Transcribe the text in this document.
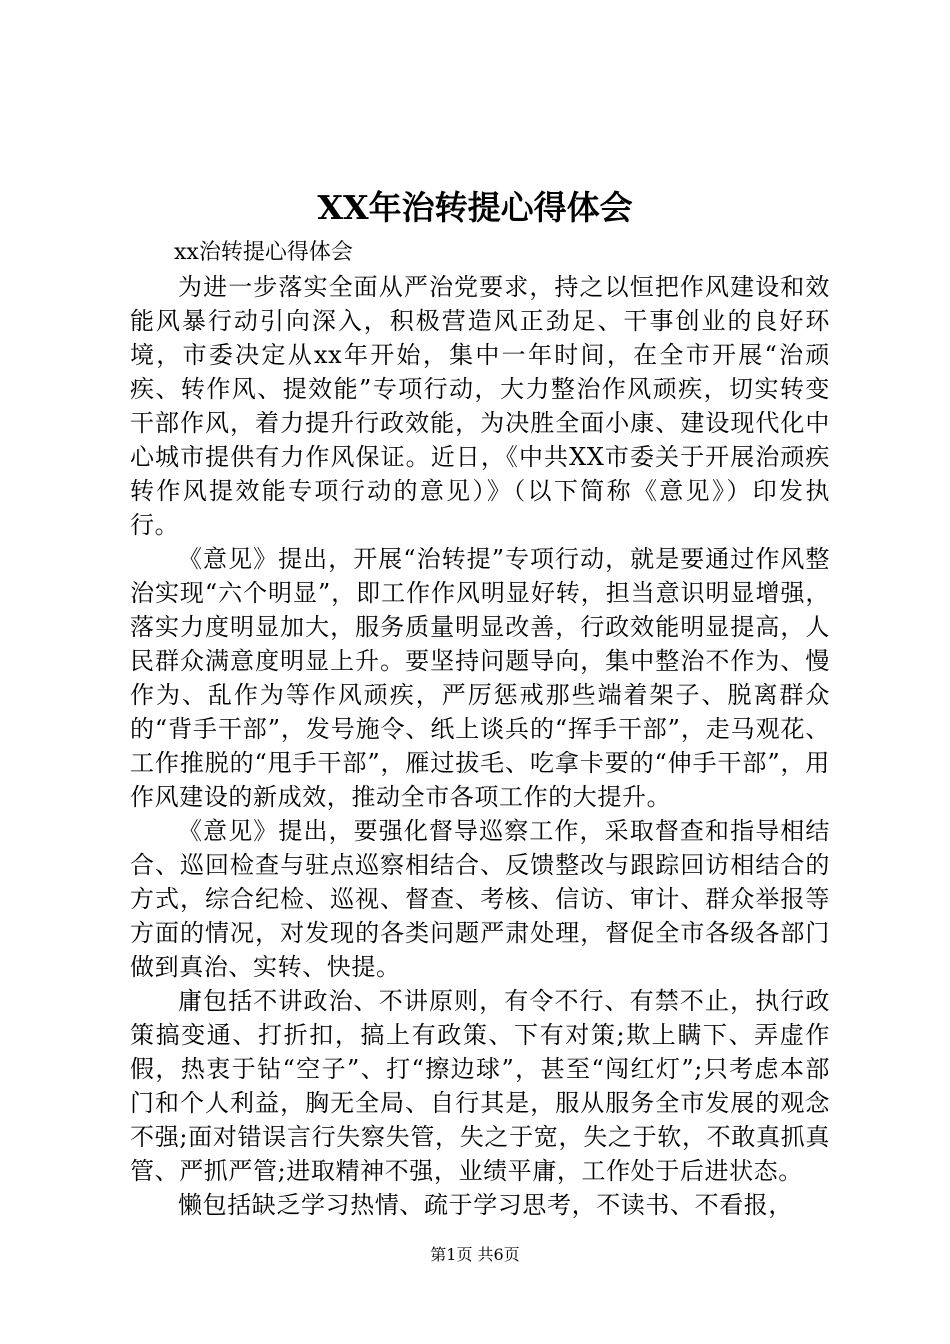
XX年治转提心得体会

xx治转提心得体会

为进一步落实全面从严治党要求，持之以恒把作风建设和效能风暴行动引向深入，积极营造风正劲足、干事创业的良好环境，市委决定从xx年开始，集中一年时间，在全市开展“治顽疾、转作风、提效能”专项行动，大力整治作风顽疾，切实转变干部作风，着力提升行政效能，为决胜全面小康、建设现代化中心城市提供有力作风保证。近日，《中共XX市委关于开展治顽疾转作风提效能专项行动的意见）》（以下简称《意见》）印发执行。

《意见》提出，开展“治转提”专项行动，就是要通过作风整治实现“六个明显”，即工作作风明显好转，担当意识明显增强，落实力度明显加大，服务质量明显改善，行政效能明显提高，人民群众满意度明显上升。要坚持问题导向，集中整治不作为、慢作为、乱作为等作风顽疾，严厉惩戒那些端着架子、脱离群众的“背手干部”，发号施令、纸上谈兵的“挥手干部”，走马观花、工作推脱的“甩手干部”，雁过拔毛、吃拿卡要的“伸手干部”，用作风建设的新成效，推动全市各项工作的大提升。

《意见》提出，要强化督导巡察工作，采取督查和指导相结合、巡回检查与驻点巡察相结合、反馈整改与跟踪回访相结合的方式，综合纪检、巡视、督查、考核、信访、审计、群众举报等方面的情况，对发现的各类问题严肃处理，督促全市各级各部门做到真治、实转、快提。

庸包括不讲政治、不讲原则，有令不行、有禁不止，执行政策搞变通、打折扣，搞上有政策、下有对策;欺上瞒下、弄虚作假，热衷于钻“空子”、打“擦边球”，甚至“闯红灯”;只考虑本部门和个人利益，胸无全局、自行其是，服从服务全市发展的观念不强;面对错误言行失察失管，失之于宽，失之于软，不敢真抓真管、严抓严管;进取精神不强，业绩平庸，工作处于后进状态。

懒包括缺乏学习热情、疏于学习思考，不读书、不看报，

第1页 共6页
